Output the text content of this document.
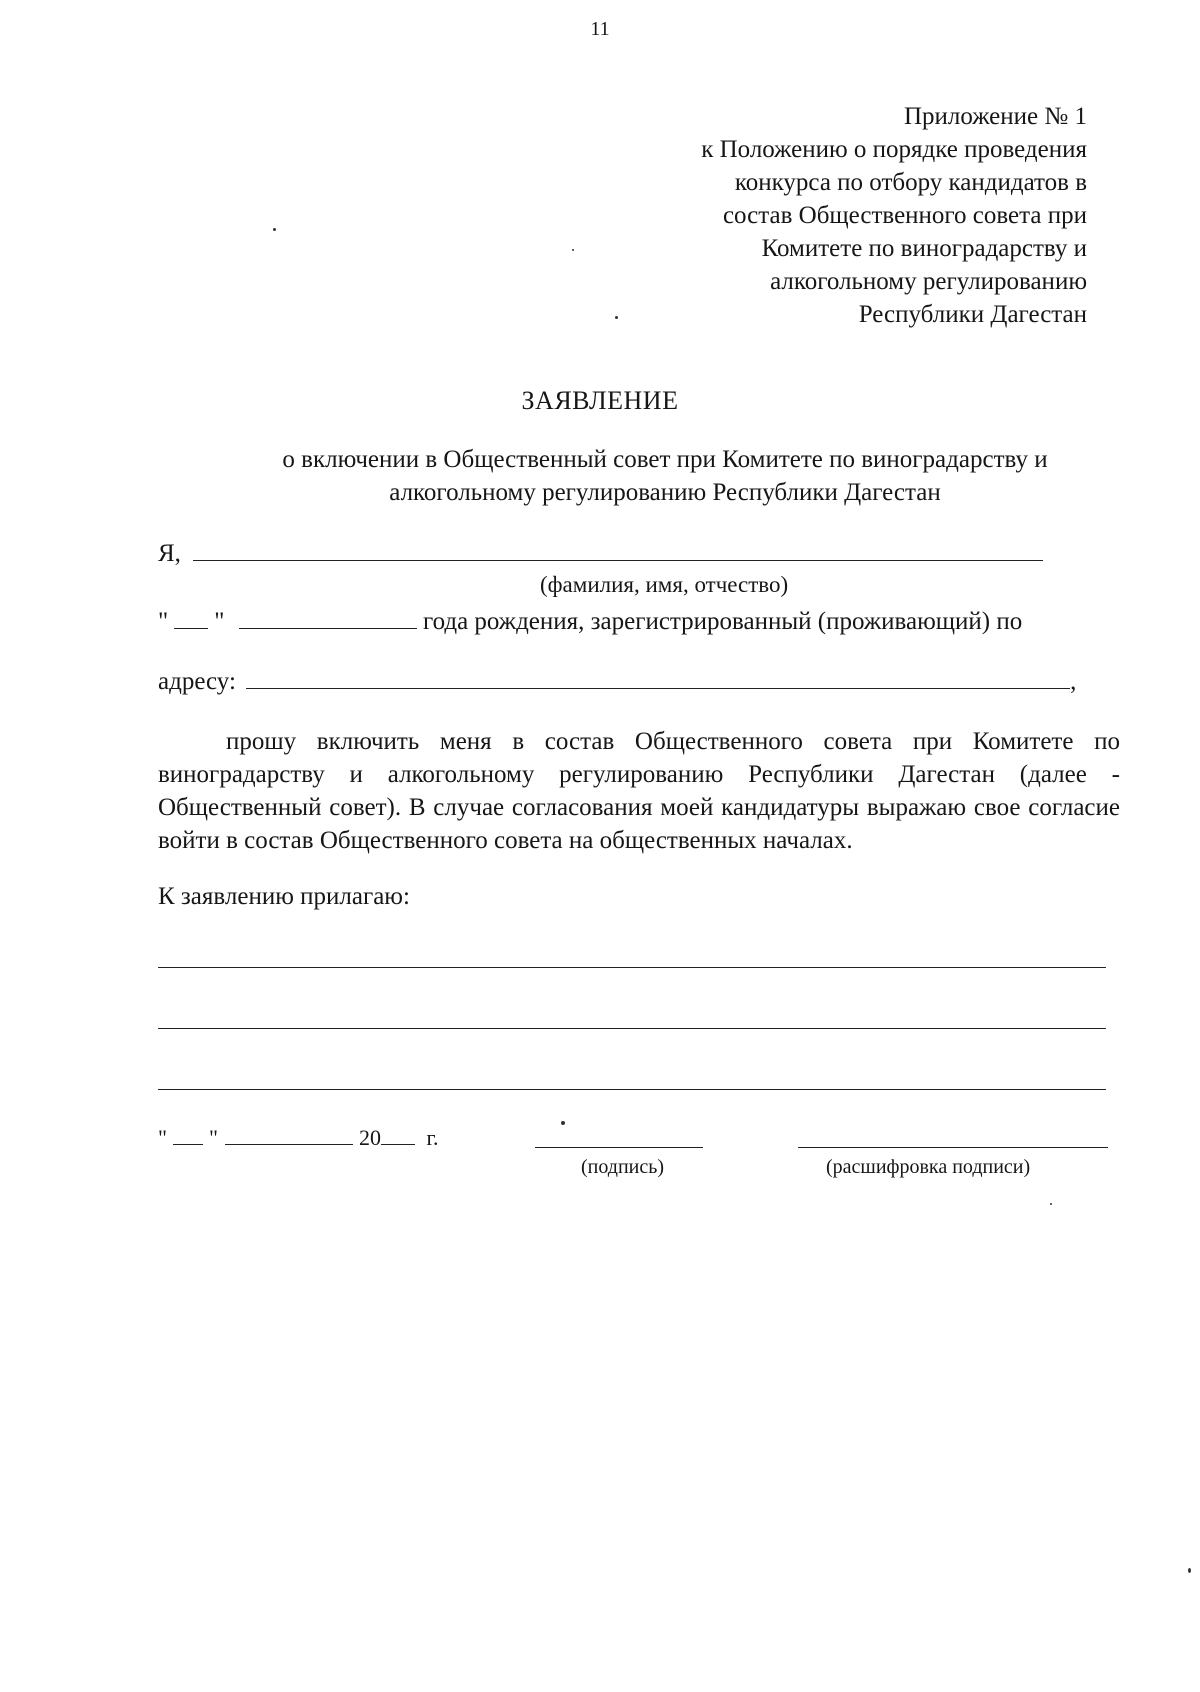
11
Приложение № 1
к Положению о порядке проведения
конкурса по отбору кандидатов в
состав Общественного совета при
Комитете по виноградарству и
алкогольному регулированию
Республики Дагестан
ЗАЯВЛЕНИЕ
о включении в Общественный совет при Комитете по виноградарству и
алкогольному регулированию Республики Дагестан
Я,
(фамилия, имя, отчество)
" "	года рождения, зарегистрированный (проживающий) по
адресу:	,
прошу включить меня в состав Общественного совета при Комитете по виноградарству и алкогольному регулированию Республики Дагестан (далее - Общественный совет). В случае согласования моей кандидатуры выражаю свое согласие войти в состав Общественного совета на общественных началах.
К заявлению прилагаю:
" "	20 г.
(подпись)	(расшифровка подписи)
